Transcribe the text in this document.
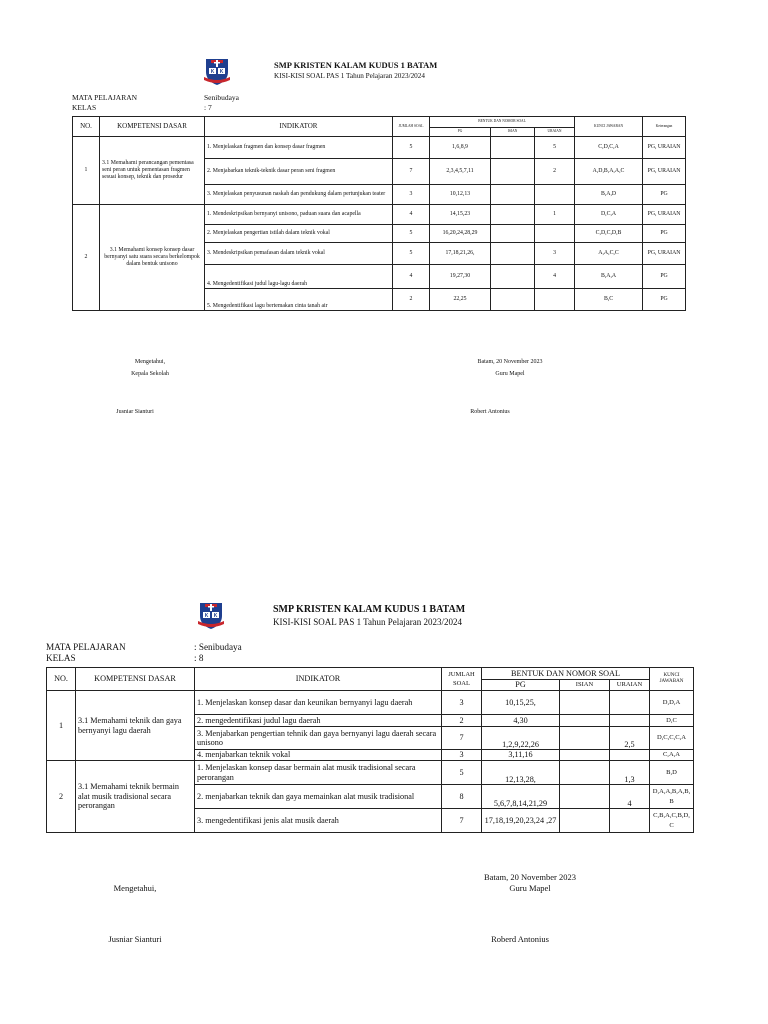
K K
SMP KRISTEN KALAM KUDUS 1 BATAM
KISI-KISI SOAL PAS 1 Tahun Pelajaran 2023/2024
MATA PELAJARAN	Senibudaya
KELAS	: 7
NO.	KOMPETENSI DASAR	INDIKATOR	JUMLAH SOAL	BENTUK DAN NOMOR SOAL			KUNCI JAWABAN	Keterangan
				PG	ISIAN	URAIAN		
1	3.1 Memahami perancangan pementasa seni peran untuk pementasan fragmen sesuai konsep, teknik dan prosedur	1. Menjelaskan fragmen dan konsep dasar fragmen	5	1,6,8,9		5	C,D,C,A	PG, URAIAN
		2. Menjabarkan teknik-teknik dasar peran seni fragmen	7	2,3,4,5,7,11		2	A,D,B,A,A,C	PG, URAIAN
		3. Menjelaskan penyusunan naskah dan pendukung dalam pertunjukan teater	3	10,12,13			B,A,D	PG
2	3.1 Memahami konsep konsep dasar bernyanyi satu suara secara berkelompok dalam bentuk unisono	1. Mendeskripsikan bernyanyi unisono, paduan suara dan acapella	4	14,15,23		1	D,C,A	PG, URAIAN
		2. Menjelaskan pengertian istilah dalam teknik vokal	5	16,20,24,28,29			C,D,C,D,B	PG
		3. Mendeskripsikan pemafasan dalam teknik vokal	5	17,18,21,26,		3	A,A,C,C	PG, URAIAN
		4. Mengedentifikasi judul lagu-lagu daerah	4	19,27,30		4	B,A,A	PG
		5. Mengedentifikasi lagu bertemakan cinta tanah air	2	22,25			B,C	PG
Mengetahui,
Kepala Sekolah
Jusniar Sianturi
Batam, 20 November 2023
Guru Mapel
Robert Antonius
K K
SMP KRISTEN KALAM KUDUS 1 BATAM
KISI-KISI SOAL PAS 1 Tahun Pelajaran 2023/2024
MATA PELAJARAN	: Senibudaya
KELAS	: 8
NO.	KOMPETENSI DASAR	INDIKATOR	JUMLAH SOAL	BENTUK DAN NOMOR SOAL			KUNCI JAWABAN
				PG	ISIAN	URAIAN	
1	3.1 Memahami teknik dan gaya bernyanyi lagu daerah	1. Menjelaskan konsep dasar dan keunikan bernyanyi lagu daerah	3	10,15,25,			D,D,A
		2. mengedentifikasi judul lagu daerah	2	4,30			D,C
		3. Menjabarkan pengertian tehnik dan gaya bernyanyi lagu daerah secara unisono	7	1,2,9,22,26		2,5	D,C,C,C,A
		4. menjabarkan teknik vokal	3	3,11,16			C,A,A
2	3.1 Memahami teknik bermain alat musik tradisional secara perorangan	1. Menjelaskan konsep dasar bermain alat musik tradisional secara perorangan	5	12,13,28,		1,3	B,D
		2. menjabarkan teknik dan gaya memainkan alat musik tradisional	8	5,6,7,8,14,21,29		4	D,A,A,B,A,B, B
		3. mengedentifikasi jenis alat musik daerah	7	17,18,19,20,23,24 ,27			C,B,A,C,B,D, C
Mengetahui,
Jusniar Sianturi
Batam, 20 November 2023
Guru Mapel
Roberd Antonius
